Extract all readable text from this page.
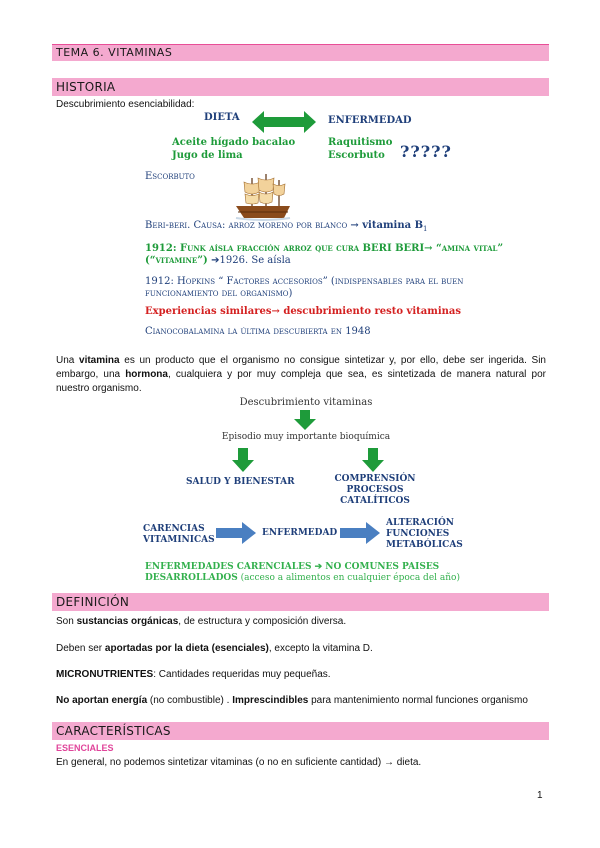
TEMA 6. VITAMINAS
HISTORIA
Descubrimiento esenciabilidad:
DIETA	ENFERMEDAD
Aceite hígado bacalao
Jugo de lima
Raquitismo
Escorbuto ?????
Escorbuto
Beri-beri. Causa: arroz moreno por blanco → vitamina $B_1$
1912: Funk aísla fracción arroz que cura BERI BERI→ “amina vital”
(“vitamine”) ➔1926. Se aísla
1912: Hopkins “ Factores accesorios” (indispensables para el buen
funcionamiento del organismo)
Experiencias similares→ descubrimiento resto vitaminas
Cianocobalamina la última descubierta en 1948
Una vitamina es un producto que el organismo no consigue sintetizar y, por ello, debe ser ingerida. Sin embargo, una hormona, cualquiera y por muy compleja que sea, es sintetizada de manera natural por nuestro organismo.
Descubrimiento vitaminas
Episodio muy importante bioquímica
SALUD Y BIENESTAR	COMPRENSIÓN
PROCESOS
CATALÍTICOS
CARENCIAS
VITAMINICAS
ENFERMEDAD
ALTERACIÓN
FUNCIONES
METABÓLICAS
ENFERMEDADES CARENCIALES ➔ NO COMUNES PAISES
DESARROLLADOS (acceso a alimentos en cualquier época del año)
DEFINICIÓN
Son sustancias orgánicas, de estructura y composición diversa.
Deben ser aportadas por la dieta (esenciales), excepto la vitamina D.
MICRONUTRIENTES: Cantidades requeridas muy pequeñas.
No aportan energía (no combustible) . Imprescindibles para mantenimiento normal funciones organismo
CARACTERÍSTICAS
ESENCIALES
En general, no podemos sintetizar vitaminas (o no en suficiente cantidad) → dieta.
1
